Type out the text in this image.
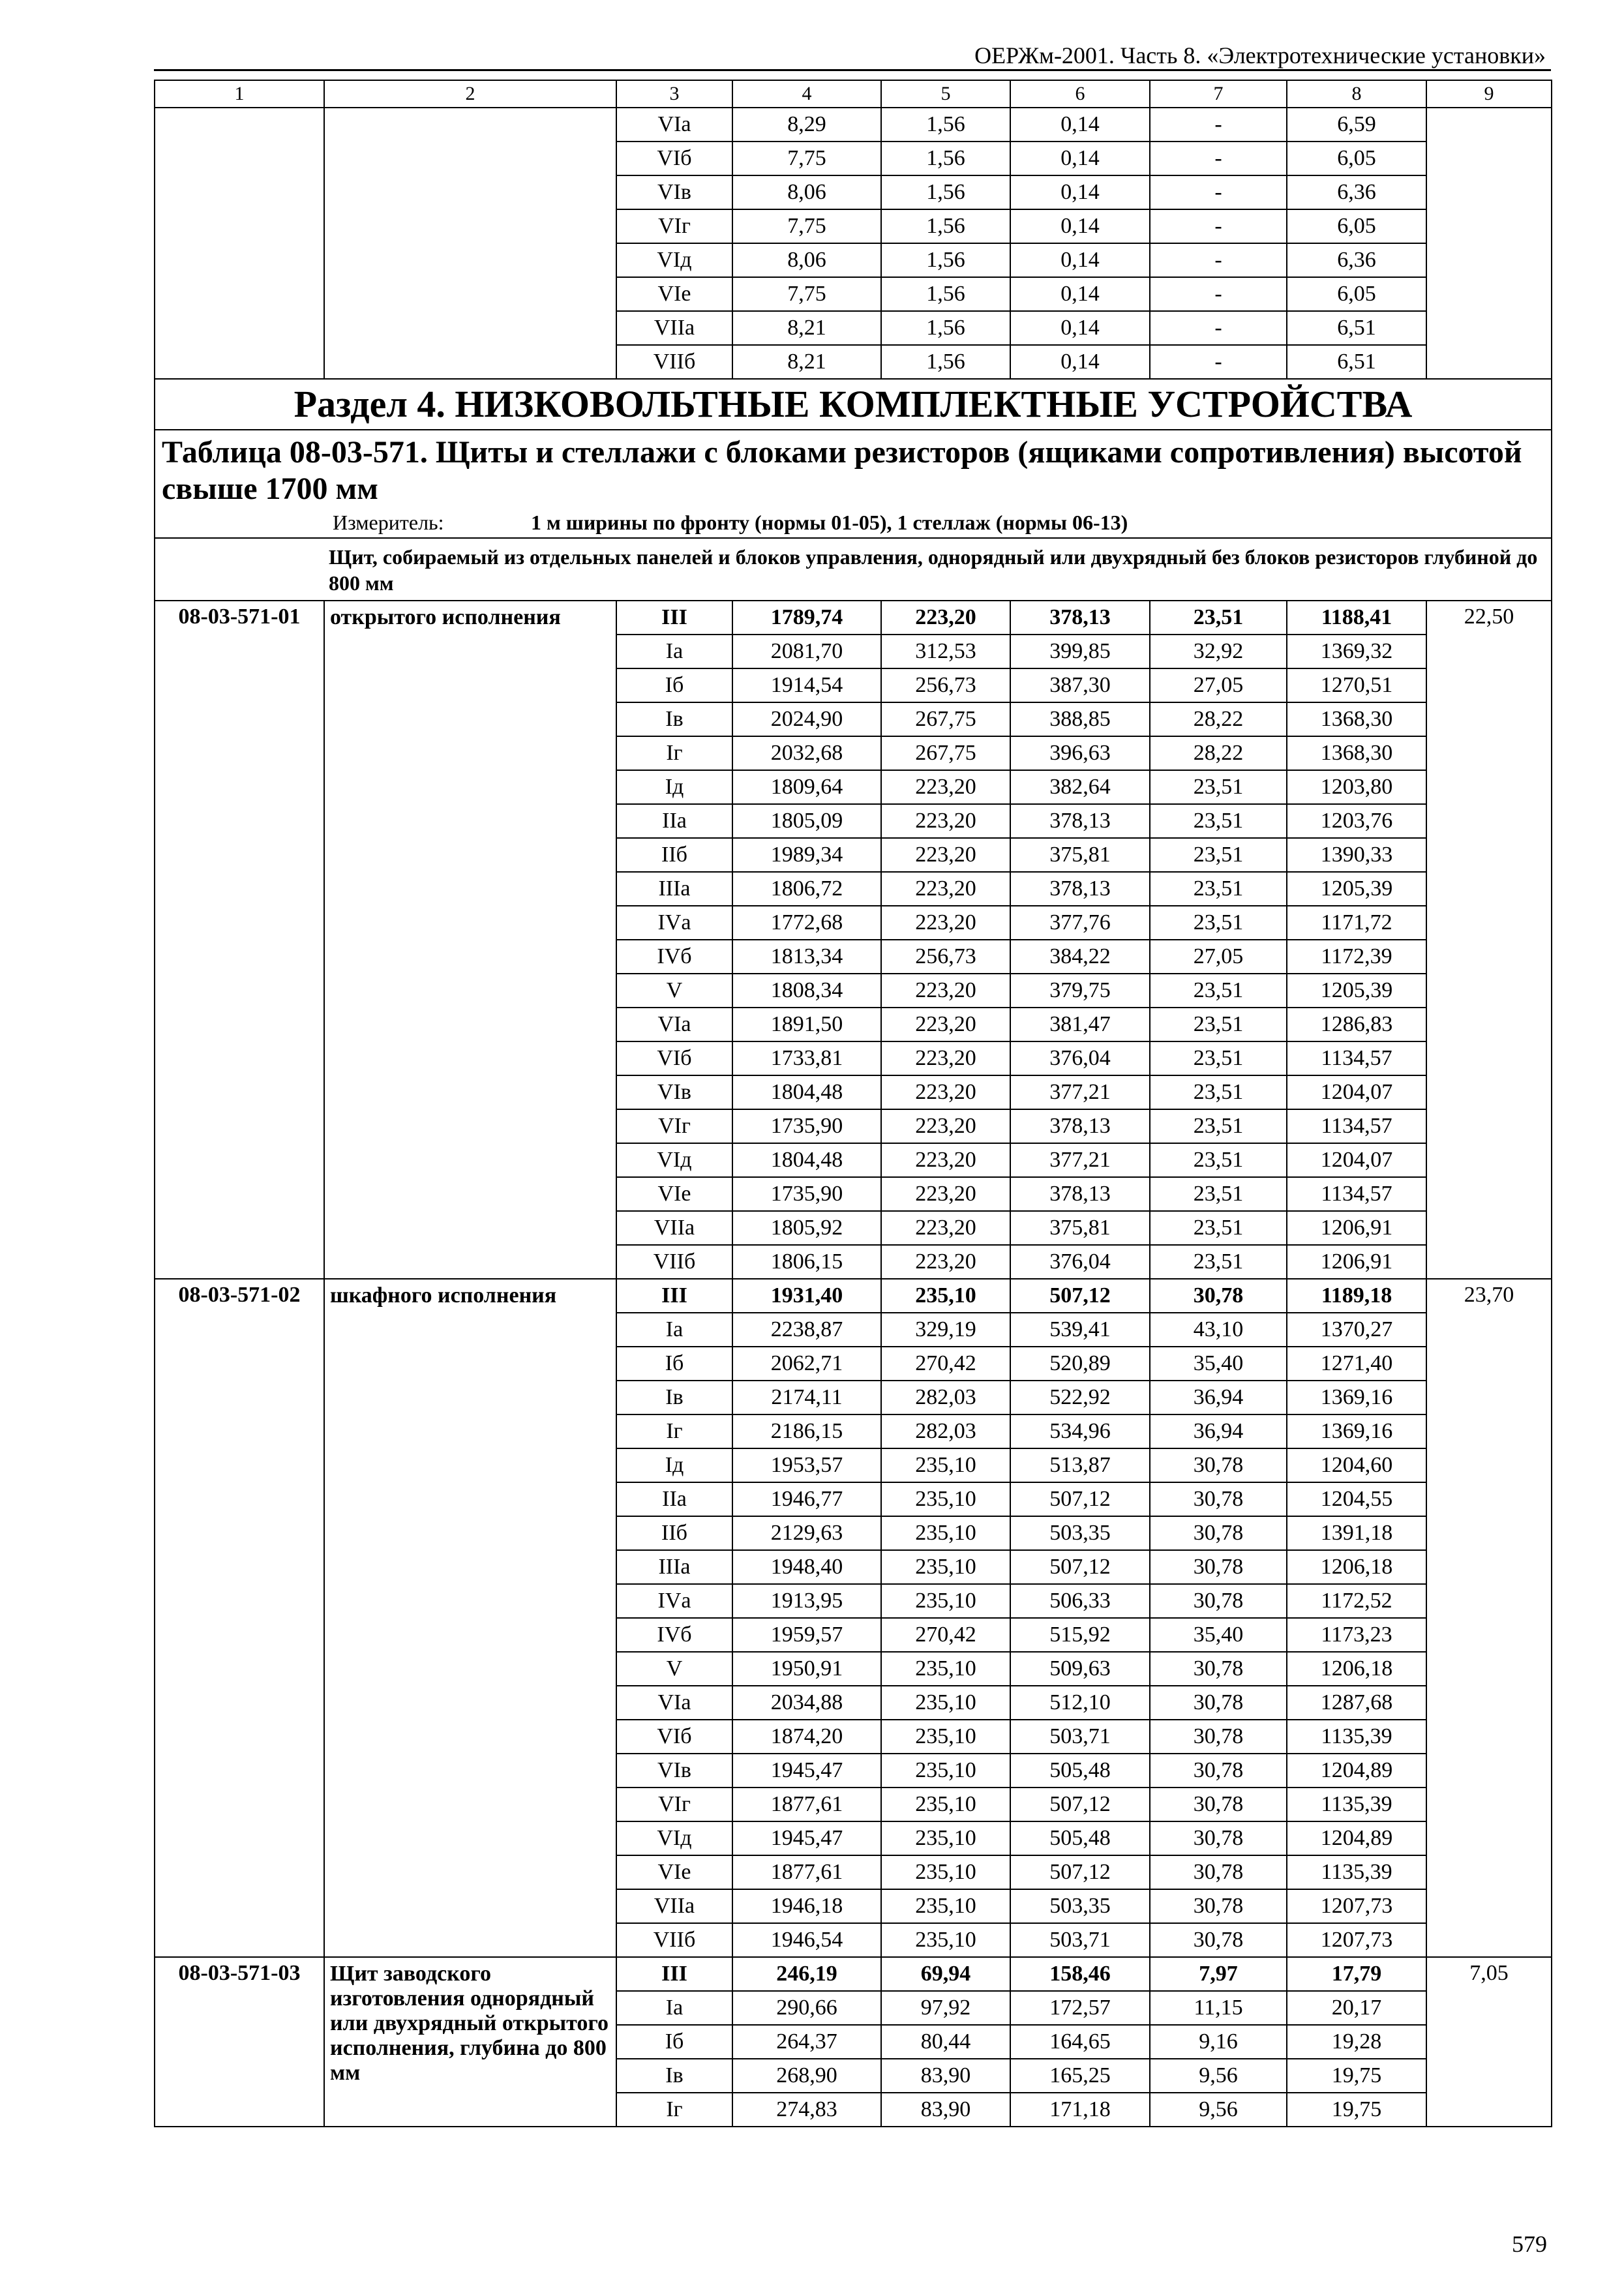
ОЕРЖм-2001. Часть 8. «Электротехнические установки»
1	2	3	4	5	6	7	8	9
		VIа	8,29	1,56	0,14	-	6,59	
		VIб	7,75	1,56	0,14	-	6,05	
		VIв	8,06	1,56	0,14	-	6,36	
		VIг	7,75	1,56	0,14	-	6,05	
		VIд	8,06	1,56	0,14	-	6,36	
		VIе	7,75	1,56	0,14	-	6,05	
		VIIа	8,21	1,56	0,14	-	6,51	
		VIIб	8,21	1,56	0,14	-	6,51	
Раздел 4. НИЗКОВОЛЬТНЫЕ КОМПЛЕКТНЫЕ УСТРОЙСТВА								
Таблица 08-03-571. Щиты и стеллажи с блоками резисторов (ящиками сопротивления) высотой свыше 1700 мм								
Измеритель: 1 м ширины по фронту (нормы 01-05), 1 стеллаж (нормы 06-13)								
Щит, собираемый из отдельных панелей и блоков управления, однорядный или двухрядный без блоков резисторов глубиной до 800 мм								
08-03-571-01	открытого исполнения	III	1789,74	223,20	378,13	23,51	1188,41	22,50
		Iа	2081,70	312,53	399,85	32,92	1369,32	
		Iб	1914,54	256,73	387,30	27,05	1270,51	
		Iв	2024,90	267,75	388,85	28,22	1368,30	
		Iг	2032,68	267,75	396,63	28,22	1368,30	
		Iд	1809,64	223,20	382,64	23,51	1203,80	
		IIа	1805,09	223,20	378,13	23,51	1203,76	
		IIб	1989,34	223,20	375,81	23,51	1390,33	
		IIIа	1806,72	223,20	378,13	23,51	1205,39	
		IVа	1772,68	223,20	377,76	23,51	1171,72	
		IVб	1813,34	256,73	384,22	27,05	1172,39	
		V	1808,34	223,20	379,75	23,51	1205,39	
		VIа	1891,50	223,20	381,47	23,51	1286,83	
		VIб	1733,81	223,20	376,04	23,51	1134,57	
		VIв	1804,48	223,20	377,21	23,51	1204,07	
		VIг	1735,90	223,20	378,13	23,51	1134,57	
		VIд	1804,48	223,20	377,21	23,51	1204,07	
		VIе	1735,90	223,20	378,13	23,51	1134,57	
		VIIа	1805,92	223,20	375,81	23,51	1206,91	
		VIIб	1806,15	223,20	376,04	23,51	1206,91	
08-03-571-02	шкафного исполнения	III	1931,40	235,10	507,12	30,78	1189,18	23,70
		Iа	2238,87	329,19	539,41	43,10	1370,27	
		Iб	2062,71	270,42	520,89	35,40	1271,40	
		Iв	2174,11	282,03	522,92	36,94	1369,16	
		Iг	2186,15	282,03	534,96	36,94	1369,16	
		Iд	1953,57	235,10	513,87	30,78	1204,60	
		IIа	1946,77	235,10	507,12	30,78	1204,55	
		IIб	2129,63	235,10	503,35	30,78	1391,18	
		IIIа	1948,40	235,10	507,12	30,78	1206,18	
		IVа	1913,95	235,10	506,33	30,78	1172,52	
		IVб	1959,57	270,42	515,92	35,40	1173,23	
		V	1950,91	235,10	509,63	30,78	1206,18	
		VIа	2034,88	235,10	512,10	30,78	1287,68	
		VIб	1874,20	235,10	503,71	30,78	1135,39	
		VIв	1945,47	235,10	505,48	30,78	1204,89	
		VIг	1877,61	235,10	507,12	30,78	1135,39	
		VIд	1945,47	235,10	505,48	30,78	1204,89	
		VIе	1877,61	235,10	507,12	30,78	1135,39	
		VIIа	1946,18	235,10	503,35	30,78	1207,73	
		VIIб	1946,54	235,10	503,71	30,78	1207,73	
08-03-571-03	Щит заводского изготовления однорядный или двухрядный открытого исполнения, глубина до 800 мм	III	246,19	69,94	158,46	7,97	17,79	7,05
		Iа	290,66	97,92	172,57	11,15	20,17	
		Iб	264,37	80,44	164,65	9,16	19,28	
		Iв	268,90	83,90	165,25	9,56	19,75	
		Iг	274,83	83,90	171,18	9,56	19,75	
579
